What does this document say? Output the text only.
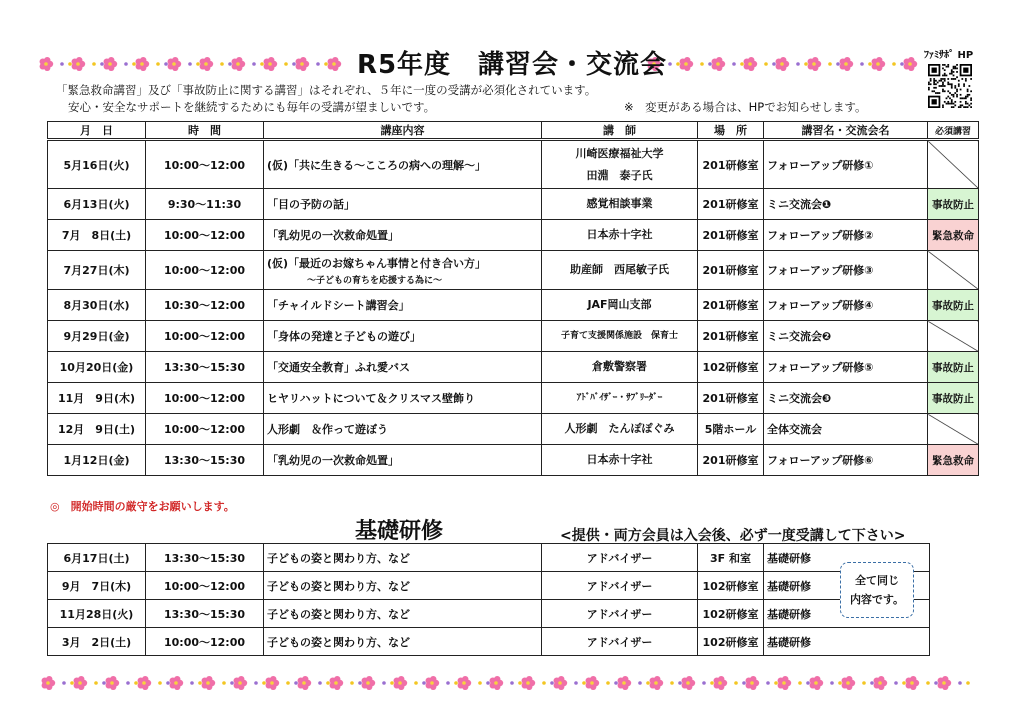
R5年度　講習会・交流会	ﾌｧﾐｻﾎﾟ HP
「緊急救命講習」及び「事故防止に関する講習」はそれぞれ、５年に一度の受講が必須化されています。
安心・安全なサポートを継続するためにも毎年の受講が望ましいです。	※　変更がある場合は、HPでお知らせします。
月　日	時　間	講座内容	講　師	場　所	講習名・交流会名	必須講習
5月16日(火)	10:00～12:00	(仮)「共に生きる～こころの病への理解～」	川崎医療福祉大学
田淵　泰子氏	201研修室	フォローアップ研修①	
6月13日(火)	9:30～11:30	「目の予防の話」	感覚相談事業	201研修室	ミニ交流会❶	事故防止
7月　8日(土)	10:00～12:00	「乳幼児の一次救命処置」	日本赤十字社	201研修室	フォローアップ研修②	緊急救命
7月27日(木)	10:00～12:00	(仮)「最近のお嫁ちゃん事情と付き合い方」
～子どもの育ちを応援する為に～	助産師　西尾敏子氏	201研修室	フォローアップ研修③	
8月30日(水)	10:30～12:00	「チャイルドシート講習会」	JAF岡山支部	201研修室	フォローアップ研修④	事故防止
9月29日(金)	10:00～12:00	「身体の発達と子どもの遊び」	子育て支援関係施設　保育士	201研修室	ミニ交流会❷	
10月20日(金)	13:30～15:30	「交通安全教育」ふれ愛バス	倉敷警察署	102研修室	フォローアップ研修⑤	事故防止
11月　9日(木)	10:00～12:00	ヒヤリハットについて＆クリスマス壁飾り	ｱﾄﾞﾊﾞｲｻﾞｰ・ｻﾌﾞﾘｰﾀﾞｰ	201研修室	ミニ交流会❸	事故防止
12月　9日(土)	10:00～12:00	人形劇　＆作って遊ぼう	人形劇　たんぽぽぐみ	5階ホール	全体交流会	
1月12日(金)	13:30～15:30	「乳幼児の一次救命処置」	日本赤十字社	201研修室	フォローアップ研修⑥	緊急救命
◎　開始時間の厳守をお願いします。
基礎研修	<提供・両方会員は入会後、必ず一度受講して下さい>
6月17日(土)	13:30～15:30	子どもの姿と関わり方、など	アドバイザー	3F 和室	基礎研修
9月　7日(木)	10:00～12:00	子どもの姿と関わり方、など	アドバイザー	102研修室	基礎研修
11月28日(火)	13:30～15:30	子どもの姿と関わり方、など	アドバイザー	102研修室	基礎研修
3月　2日(土)	10:00～12:00	子どもの姿と関わり方、など	アドバイザー	102研修室	基礎研修
全て同じ
内容です。
